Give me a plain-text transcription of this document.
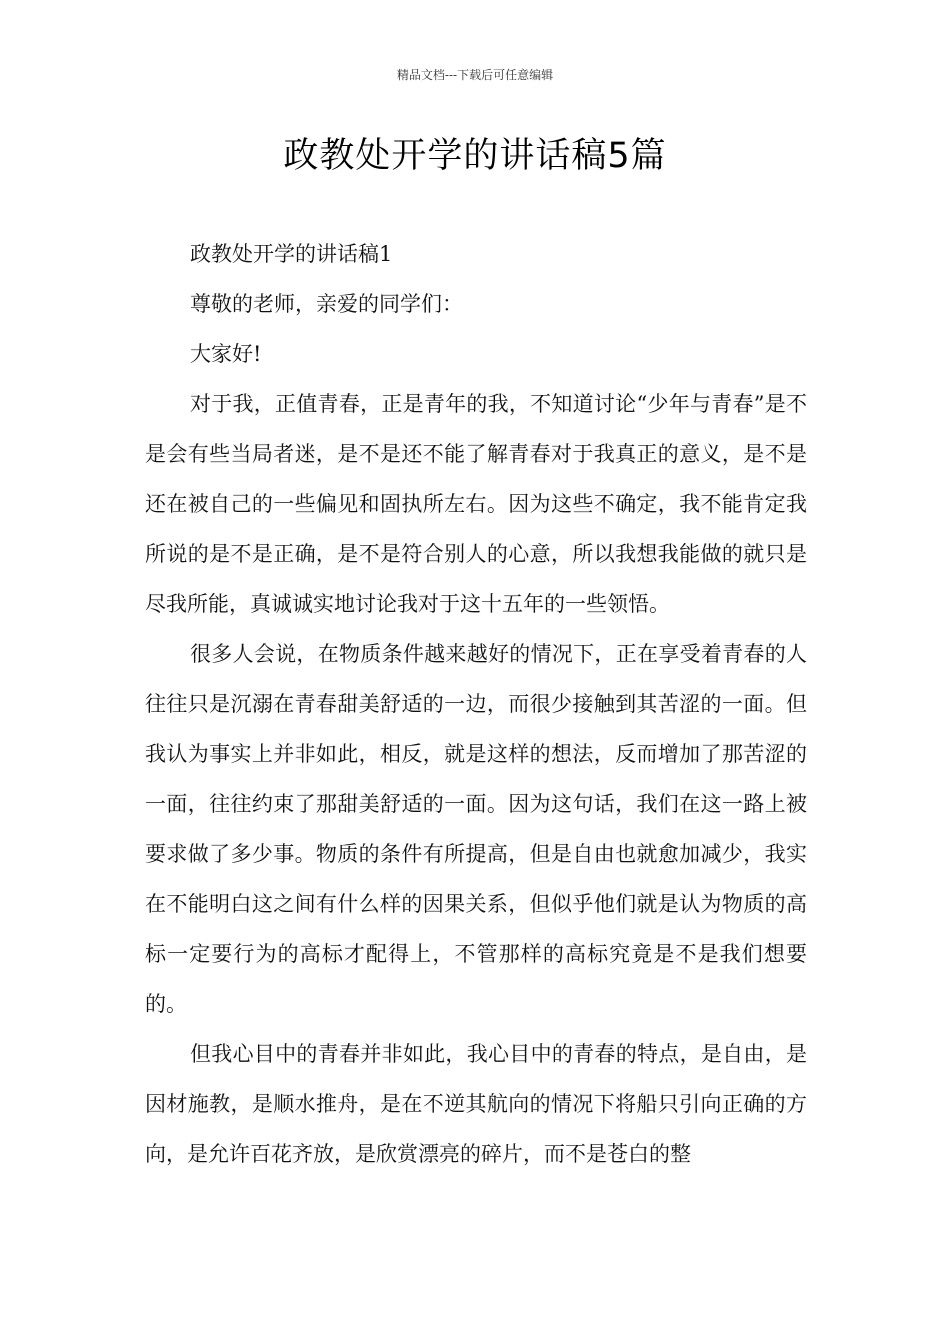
精品文档---下载后可任意编辑
政教处开学的讲话稿5篇

政教处开学的讲话稿1

尊敬的老师，亲爱的同学们：

大家好!

对于我，正值青春，正是青年的我，不知道讨论“少年与青春”是不是会有些当局者迷，是不是还不能了解青春对于我真正的意义，是不是还在被自己的一些偏见和固执所左右。因为这些不确定，我不能肯定我所说的是不是正确，是不是符合别人的心意，所以我想我能做的就只是尽我所能，真诚诚实地讨论我对于这十五年的一些领悟。

很多人会说，在物质条件越来越好的情况下，正在享受着青春的人往往只是沉溺在青春甜美舒适的一边，而很少接触到其苦涩的一面。但我认为事实上并非如此，相反，就是这样的想法，反而增加了那苦涩的一面，往往约束了那甜美舒适的一面。因为这句话，我们在这一路上被要求做了多少事。物质的条件有所提高，但是自由也就愈加减少，我实在不能明白这之间有什么样的因果关系，但似乎他们就是认为物质的高标一定要行为的高标才配得上，不管那样的高标究竟是不是我们想要的。

但我心目中的青春并非如此，我心目中的青春的特点，是自由，是因材施教，是顺水推舟，是在不逆其航向的情况下将船只引向正确的方向，是允许百花齐放，是欣赏漂亮的碎片，而不是苍白的整
